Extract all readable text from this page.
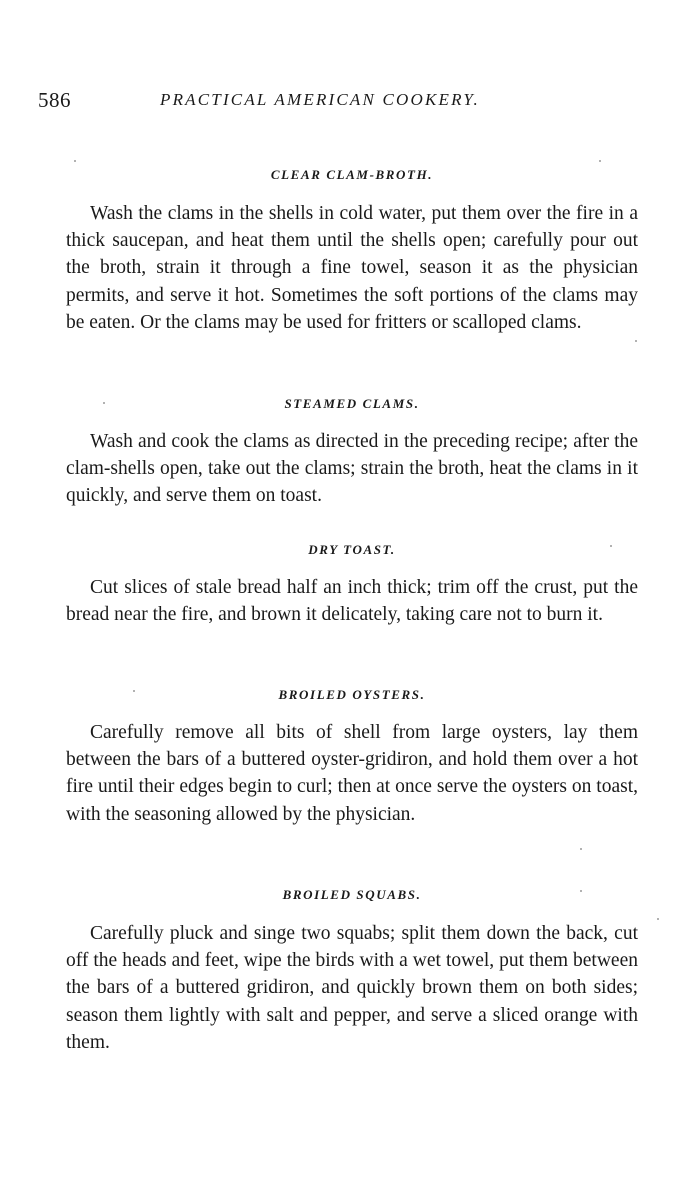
586	PRACTICAL AMERICAN COOKERY.
CLEAR CLAM-BROTH.

Wash the clams in the shells in cold water, put them over the fire in a thick saucepan, and heat them until the shells open; carefully pour out the broth, strain it through a fine towel, season it as the physician permits, and serve it hot. Sometimes the soft portions of the clams may be eaten. Or the clams may be used for fritters or scalloped clams.

STEAMED CLAMS.

Wash and cook the clams as directed in the preceding recipe; after the clam-shells open, take out the clams; strain the broth, heat the clams in it quickly, and serve them on toast.

DRY TOAST.

Cut slices of stale bread half an inch thick; trim off the crust, put the bread near the fire, and brown it delicately, taking care not to burn it.

BROILED OYSTERS.

Carefully remove all bits of shell from large oysters, lay them between the bars of a buttered oyster-gridiron, and hold them over a hot fire until their edges begin to curl; then at once serve the oysters on toast, with the seasoning allowed by the physician.

BROILED SQUABS.

Carefully pluck and singe two squabs; split them down the back, cut off the heads and feet, wipe the birds with a wet towel, put them between the bars of a buttered gridiron, and quickly brown them on both sides; season them lightly with salt and pepper, and serve a sliced orange with them.
